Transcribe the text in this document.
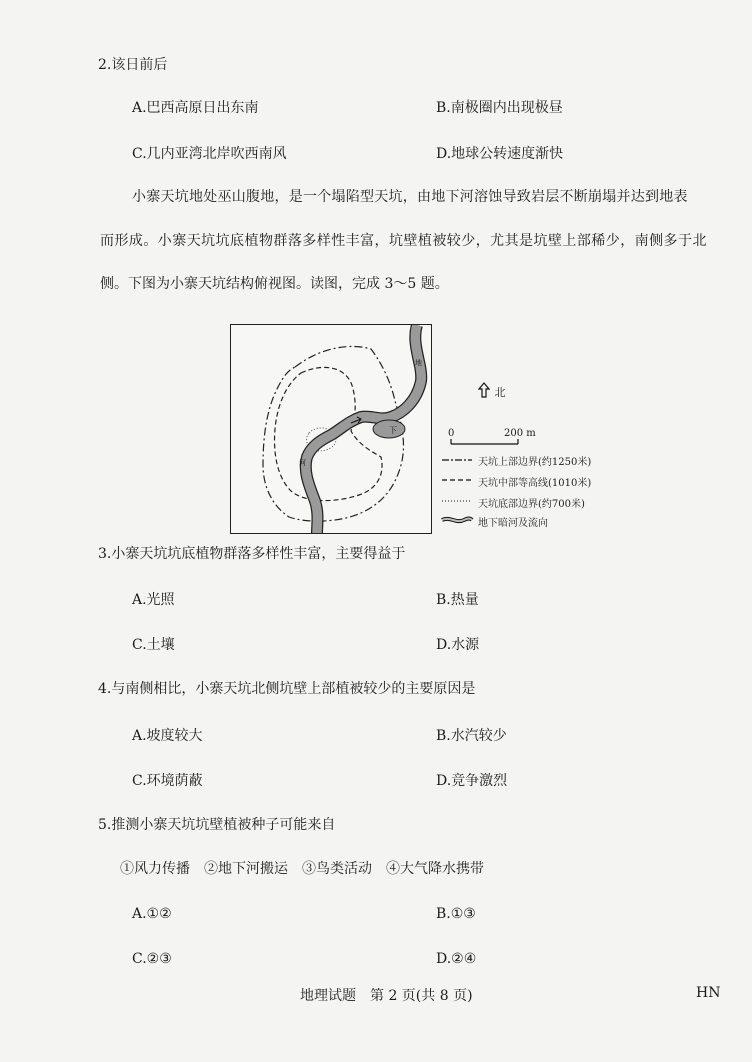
2.该日前后
A.巴西高原日出东南	B.南极圈内出现极昼
C.几内亚湾北岸吹西南风	D.地球公转速度渐快
小寨天坑地处巫山腹地，是一个塌陷型天坑，由地下河溶蚀导致岩层不断崩塌并达到地表
而形成。小寨天坑坑底植物群落多样性丰富，坑壁植被较少，尤其是坑壁上部稀少，南侧多于北
侧。下图为小寨天坑结构俯视图。读图，完成 3～5 题。
地
下
河
北
0	200 m
天坑上部边界(约1250米)
天坑中部等高线(1010米)
天坑底部边界(约700米)
地下暗河及流向
3.小寨天坑坑底植物群落多样性丰富，主要得益于
A.光照	B.热量
C.土壤	D.水源
4.与南侧相比，小寨天坑北侧坑壁上部植被较少的主要原因是
A.坡度较大	B.水汽较少
C.环境荫蔽	D.竞争激烈
5.推测小寨天坑坑壁植被种子可能来自
①风力传播　②地下河搬运　③鸟类活动　④大气降水携带
A.①②	B.①③
C.②③	D.②④
地理试题　第 2 页(共 8 页)	HN
